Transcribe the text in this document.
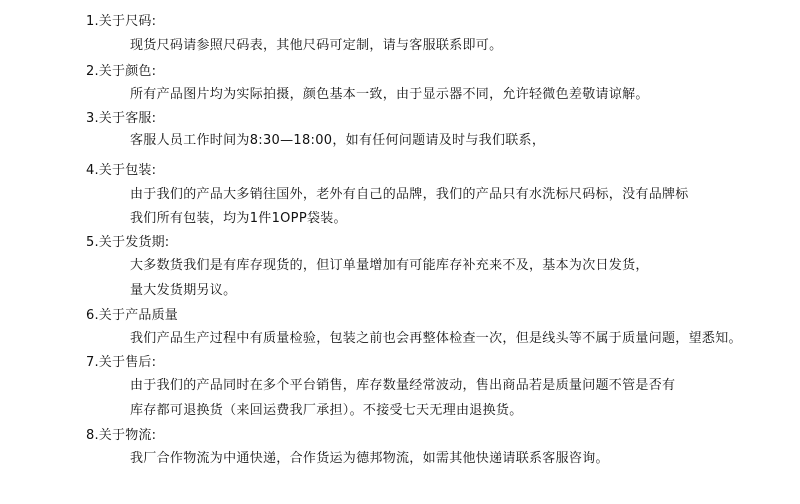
1.关于尺码:
现货尺码请参照尺码表，其他尺码可定制，请与客服联系即可。
2.关于颜色:
所有产品图片均为实际拍摄，颜色基本一致，由于显示器不同，允许轻微色差敬请谅解。
3.关于客服:
客服人员工作时间为8:30—18:00，如有任何问题请及时与我们联系，
4.关于包装:
由于我们的产品大多销往国外，老外有自己的品牌，我们的产品只有水洗标尺码标，没有品牌标
我们所有包装，均为1件1OPP袋装。
5.关于发货期:
大多数货我们是有库存现货的，但订单量增加有可能库存补充来不及，基本为次日发货，
量大发货期另议。
6.关于产品质量
我们产品生产过程中有质量检验，包装之前也会再整体检查一次，但是线头等不属于质量问题，望悉知。
7.关于售后:
由于我们的产品同时在多个平台销售，库存数量经常波动，售出商品若是质量问题不管是否有
库存都可退换货（来回运费我厂承担）。不接受七天无理由退换货。
8.关于物流:
我厂合作物流为中通快递，合作货运为德邦物流，如需其他快递请联系客服咨询。
